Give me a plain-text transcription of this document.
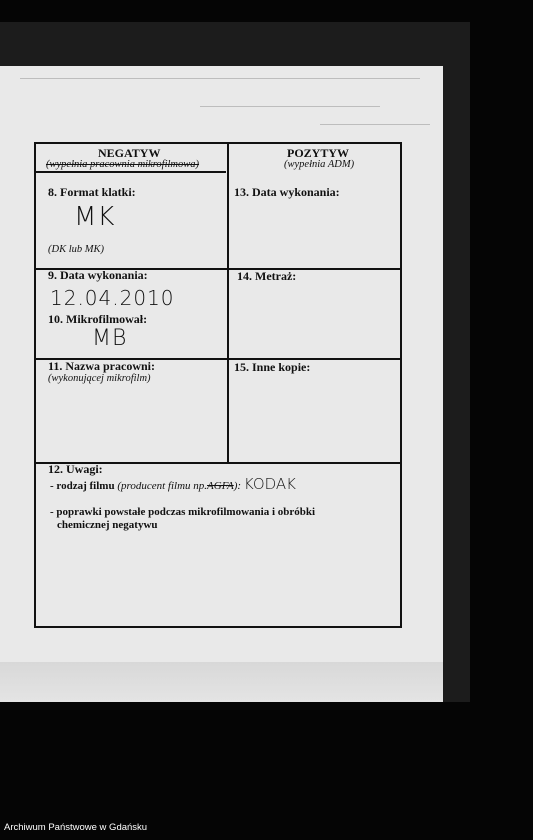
NEGATYW
(wypełnia pracownia mikrofilmowa)
POZYTYW
(wypełnia ADM)
8. Format klatki:
MK
(DK lub MK)
13. Data wykonania:
9. Data wykonania:
12.04.2010
10. Mikrofilmował:
MB
14. Metraż:
11. Nazwa pracowni:
(wykonującej mikrofilm)
15. Inne kopie:
12. Uwagi:
- rodzaj filmu (producent filmu np.AGFA): KODAK
- poprawki powstałe podczas mikrofilmowania i obróbki
chemicznej negatywu
Archiwum Państwowe w Gdańsku
